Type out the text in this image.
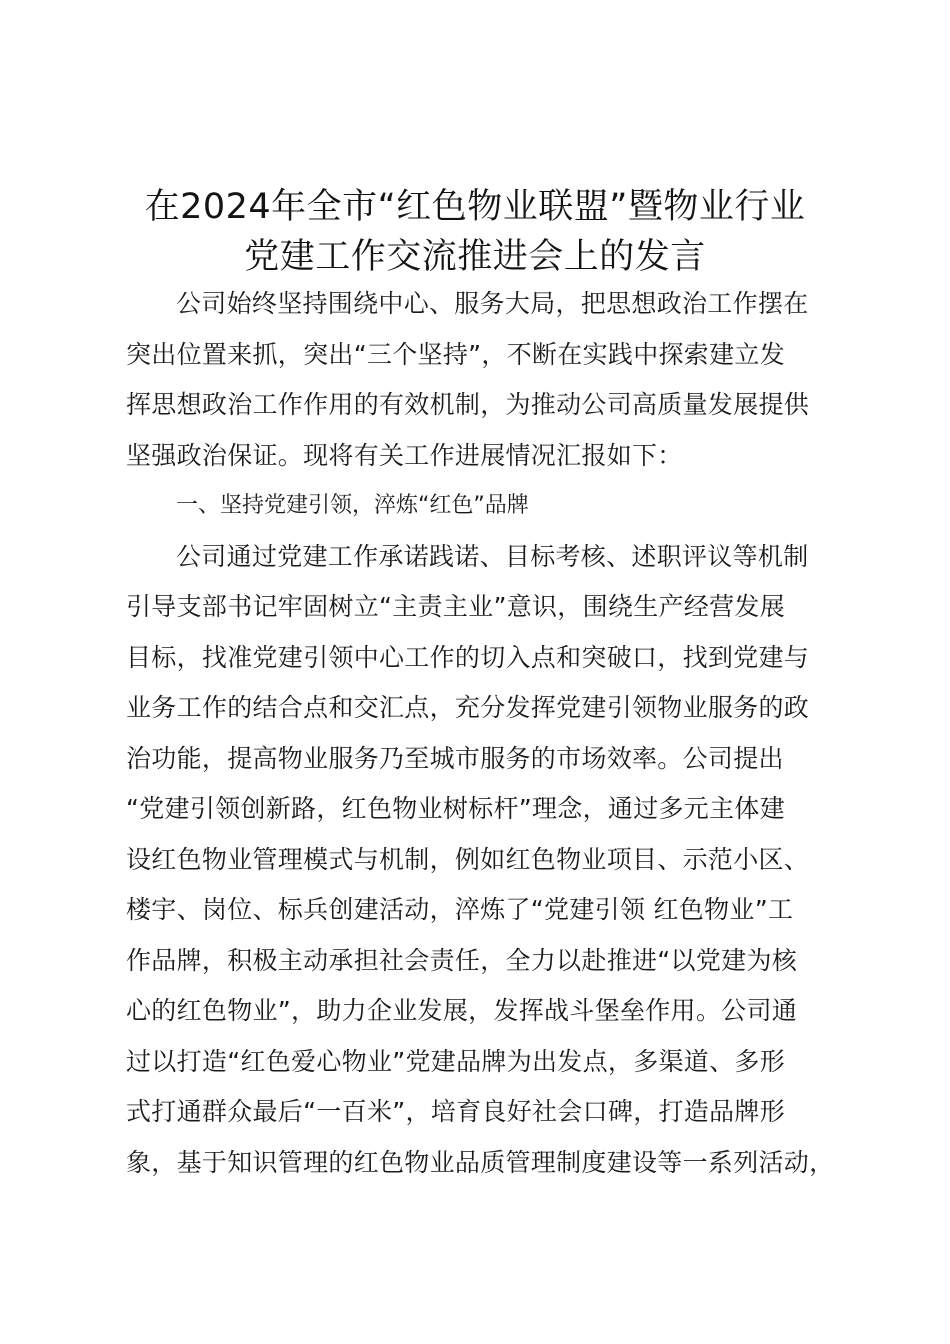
在2024年全市“红色物业联盟”暨物业行业
党建工作交流推进会上的发言

公司始终坚持围绕中心、服务大局，把思想政治工作摆在
突出位置来抓，突出“三个坚持”，不断在实践中探索建立发
挥思想政治工作作用的有效机制，为推动公司高质量发展提供
坚强政治保证。现将有关工作进展情况汇报如下：

一、坚持党建引领，淬炼“红色”品牌

公司通过党建工作承诺践诺、目标考核、述职评议等机制
引导支部书记牢固树立“主责主业”意识，围绕生产经营发展
目标，找准党建引领中心工作的切入点和突破口，找到党建与
业务工作的结合点和交汇点，充分发挥党建引领物业服务的政
治功能，提高物业服务乃至城市服务的市场效率。公司提出
“党建引领创新路，红色物业树标杆”理念，通过多元主体建
设红色物业管理模式与机制，例如红色物业项目、示范小区、
楼宇、岗位、标兵创建活动，淬炼了“党建引领 红色物业”工
作品牌，积极主动承担社会责任，全力以赴推进“以党建为核
心的红色物业”，助力企业发展，发挥战斗堡垒作用。公司通
过以打造“红色爱心物业”党建品牌为出发点，多渠道、多形
式打通群众最后“一百米”，培育良好社会口碑，打造品牌形
象，基于知识管理的红色物业品质管理制度建设等一系列活动，
